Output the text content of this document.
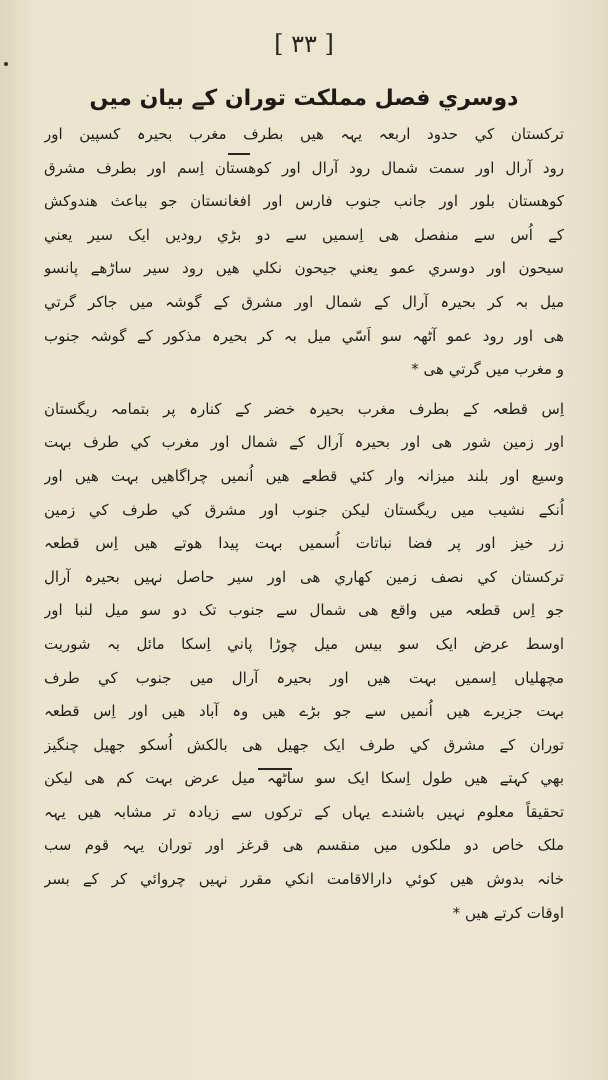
[ ۳۳ ]
دوسري فصل مملکت توران کے بیان میں
ترکستان کي حدود اربعہ یہہ هیں بطرف مغرب بحیرہ کسپین اور
رود آرال اور سمت شمال رود آرال اور کوهستان اِسم اور بطرف مشرق
کوهستان بلور اور جانب جنوب فارس اور افغانستان جو بباعث هندوکش
کے اُس سے منفصل هی اِسمیں سے دو بڑي رودیں ایک سیر یعني
سیحون اور دوسري عمو یعني جیحون نکلي هیں رود سیر ساڑهے پانسو
میل بہ کر بحیرہ آرال کے شمال اور مشرق کے گوشہ میں جاکر گرتي
هی اور رود عمو آٹهہ سو اَسّي میل بہ کر بحیرہ مذکور کے گوشہ جنوب
و مغرب میں گرتي هی *
اِس قطعہ کے بطرف مغرب بحیرہ خضر کے کنارہ پر بتمامہ ریگستان
اور زمین شور هی اور بحیرہ آرال کے شمال اور مغرب کي طرف بہت
وسیع اور بلند میزانہ وار کئي قطعے هیں اُنمیں چراگاهیں بہت هیں اور
اُنکے نشیب میں ریگستان لیکن جنوب اور مشرق کي طرف کي زمین
زر خیز اور پر فضا نباتات اُسمیں بہت پیدا هوتے هیں اِس قطعہ
ترکستان کي نصف زمین کهاري هی اور سیر حاصل نہیں بحیرہ آرال
جو اِس قطعہ میں واقع هی شمال سے جنوب تک دو سو میل لنبا اور
اوسط عرض ایک سو بیس میل چوڑا پاني اِسکا مائل بہ شوریت
مچهلیاں اِسمیں بہت هیں اور بحیرہ آرال میں جنوب کي طرف
بہت جزیرے هیں اُنمیں سے جو بڑے هیں وہ آباد هیں اور اِس قطعہ
توران کے مشرق کي طرف ایک جهیل هی بالکش اُسکو جهیل چنگیز
بهي کہتے هیں طول اِسکا ایک سو ساٹهہ میل عرض بہت کم هی لیکن
تحقیقاً معلوم نہیں باشندے یہاں کے ترکوں سے زیادہ تر مشابہ هیں یہہ
ملک خاص دو ملکوں میں منقسم هی قرغز اور توران یہہ قوم سب
خانہ بدوش هیں کوئي دارالاقامت انکي مقرر نہیں چروائي کر کے بسر
اوقات کرتے هیں *
